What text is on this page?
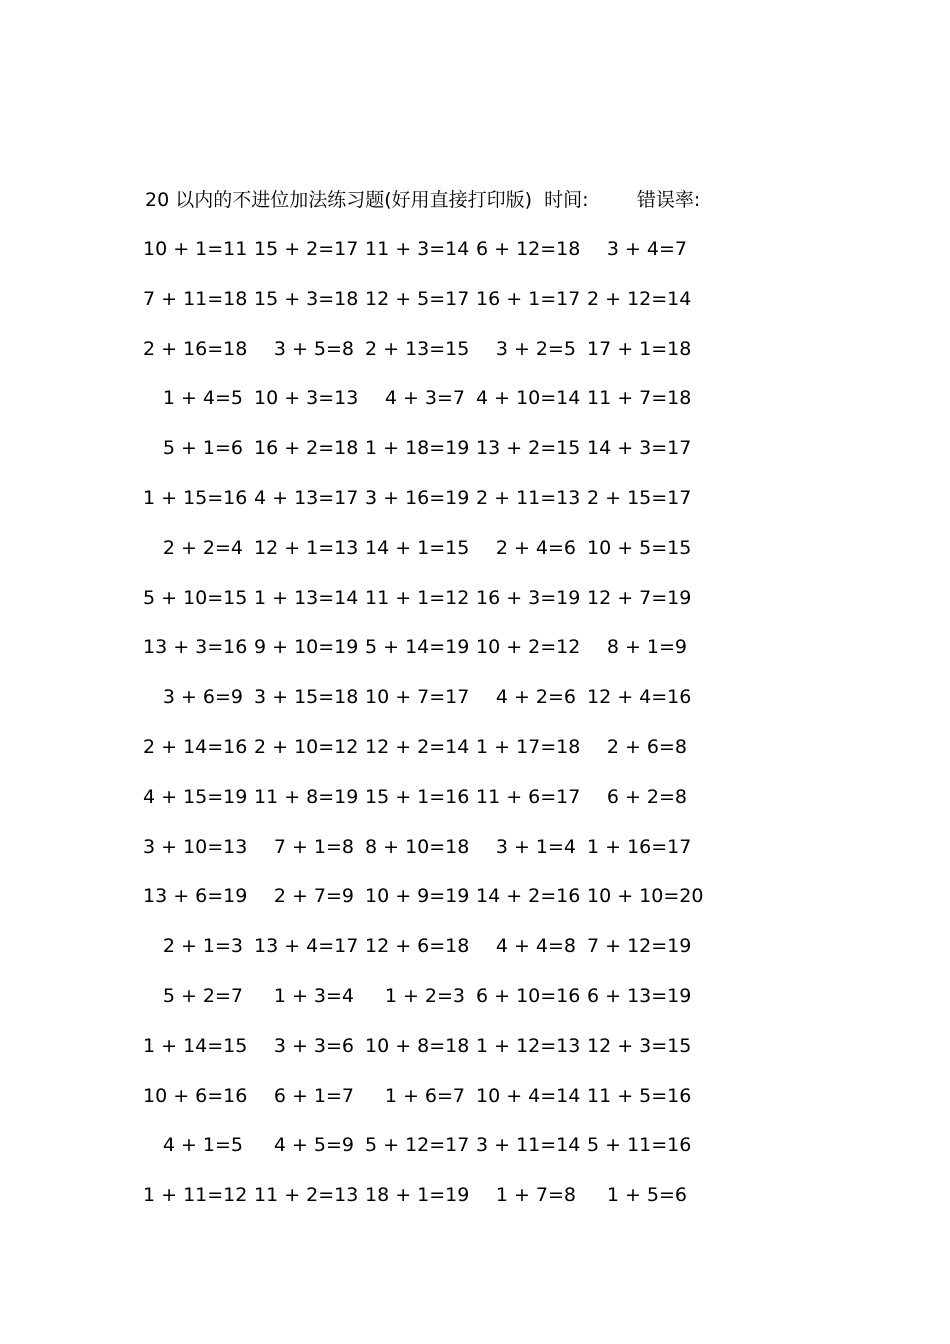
20 以内的不进位加法练习题(好用直接打印版)  时间:        错误率:
10 + 1=11 15 + 2=17 11 + 3=14 6 + 12=18	3 + 4=7
7 + 11=18 15 + 3=18 12 + 5=17 16 + 1=17 2 + 12=14
2 + 16=18	3 + 5=8 2 + 13=15	3 + 2=5 17 + 1=18
1 + 4=5 10 + 3=13	4 + 3=7 4 + 10=14 11 + 7=18
5 + 1=6 16 + 2=18 1 + 18=19 13 + 2=15 14 + 3=17
1 + 15=16 4 + 13=17 3 + 16=19 2 + 11=13 2 + 15=17
2 + 2=4 12 + 1=13 14 + 1=15	2 + 4=6 10 + 5=15
5 + 10=15 1 + 13=14 11 + 1=12 16 + 3=19 12 + 7=19
13 + 3=16 9 + 10=19 5 + 14=19 10 + 2=12	8 + 1=9
3 + 6=9 3 + 15=18 10 + 7=17	4 + 2=6 12 + 4=16
2 + 14=16 2 + 10=12 12 + 2=14 1 + 17=18	2 + 6=8
4 + 15=19 11 + 8=19 15 + 1=16 11 + 6=17	6 + 2=8
3 + 10=13	7 + 1=8 8 + 10=18	3 + 1=4 1 + 16=17
13 + 6=19	2 + 7=9 10 + 9=19 14 + 2=16 10 + 10=20
2 + 1=3 13 + 4=17 12 + 6=18	4 + 4=8 7 + 12=19
5 + 2=7	1 + 3=4	1 + 2=3 6 + 10=16 6 + 13=19
1 + 14=15	3 + 3=6 10 + 8=18 1 + 12=13 12 + 3=15
10 + 6=16	6 + 1=7	1 + 6=7 10 + 4=14 11 + 5=16
4 + 1=5	4 + 5=9 5 + 12=17 3 + 11=14 5 + 11=16
1 + 11=12 11 + 2=13 18 + 1=19	1 + 7=8	1 + 5=6
